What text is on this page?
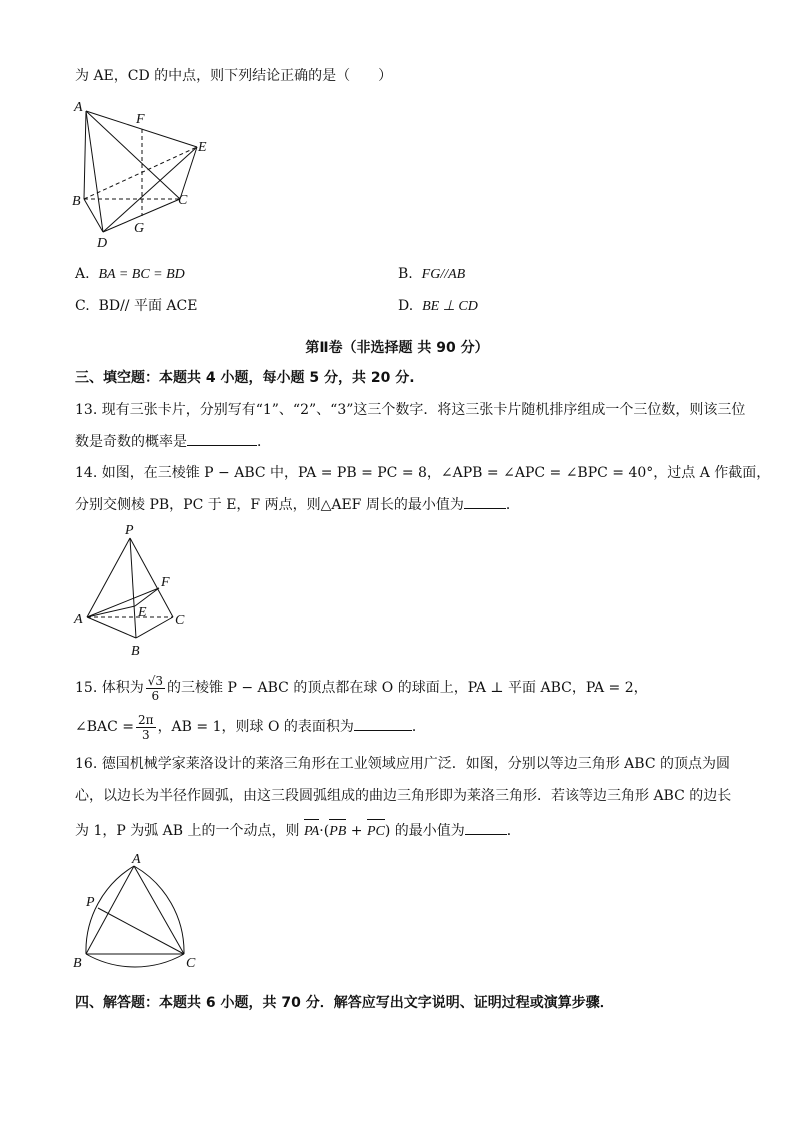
为 AE，CD 的中点，则下列结论正确的是（　　）
A
F
E
B	C
D
G
A. BA = BC = BD	B. FG//AB
C. BD// 平面 ACE	D. BE ⊥ CD
第Ⅱ卷（非选择题 共 90 分）
三、填空题：本题共 4 小题，每小题 5 分，共 20 分.
13. 现有三张卡片，分别写有“1”、“2”、“3”这三个数字．将这三张卡片随机排序组成一个三位数，则该三位
数是奇数的概率是	．
14. 如图，在三棱锥 P − ABC 中，PA = PB = PC = 8，∠APB = ∠APC = ∠BPC = 40°，过点 A 作截面，
分别交侧棱 PB，PC 于 E，F 两点，则△AEF 周长的最小值为	．
P
F
E
A	C
B
15. 体积为 $\frac{√3}{6}$ 的三棱锥 P − ABC 的顶点都在球 O 的球面上，PA ⊥ 平面 ABC，PA = 2，
∠BAC = $\frac{2\pi}{3}$ ，AB = 1，则球 O 的表面积为	．
16. 德国机械学家莱洛设计的莱洛三角形在工业领域应用广泛．如图，分别以等边三角形 ABC 的顶点为圆
心，以边长为半径作圆弧，由这三段圆弧组成的曲边三角形即为莱洛三角形．若该等边三角形 ABC 的边长
为 1，P 为弧 AB 上的一个动点，则 PA·(PB + PC) 的最小值为	．
A
P
B	C
四、解答题：本题共 6 小题，共 70 分．解答应写出文字说明、证明过程或演算步骤．
